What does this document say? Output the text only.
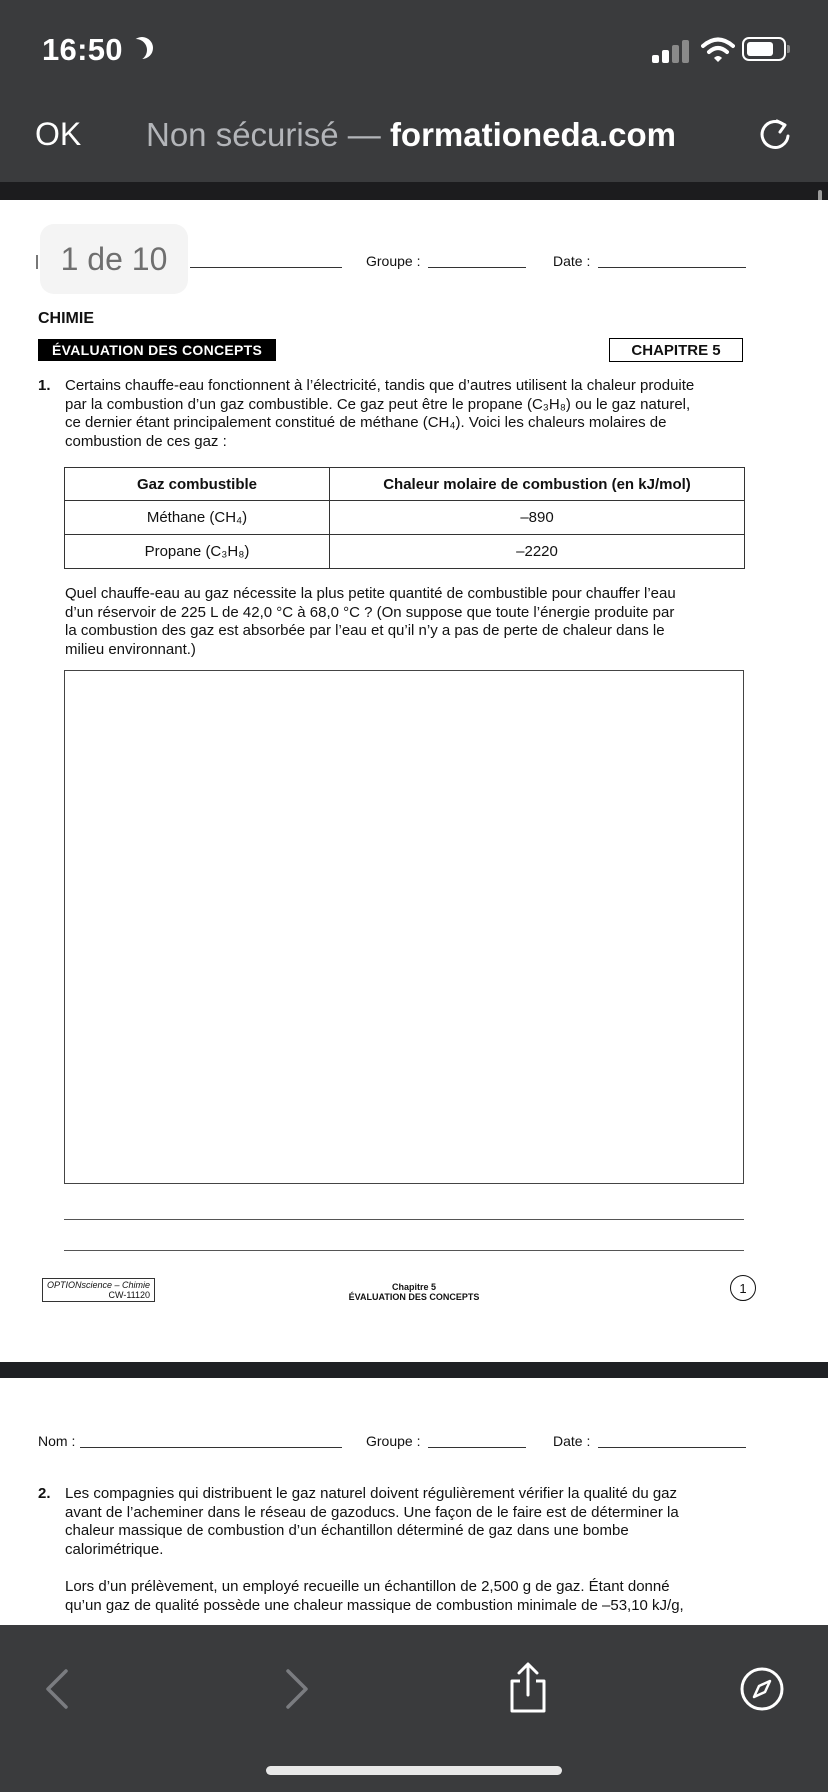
16:50
OK Non sécurisé — formationeda.com
1 de 10	Groupe :	Date :
CHIMIE
ÉVALUATION DES CONCEPTS	CHAPITRE 5
1. Certains chauffe-eau fonctionnent à l’électricité, tandis que d’autres utilisent la chaleur produite
par la combustion d’un gaz combustible. Ce gaz peut être le propane (C₃H₈) ou le gaz naturel,
ce dernier étant principalement constitué de méthane (CH₄). Voici les chaleurs molaires de
combustion de ces gaz :
Gaz combustible	Chaleur molaire de combustion (en kJ/mol)
Méthane (CH₄)	–890
Propane (C₃H₈)	–2220
Quel chauffe-eau au gaz nécessite la plus petite quantité de combustible pour chauffer l’eau
d’un réservoir de 225 L de 42,0 °C à 68,0 °C ? (On suppose que toute l’énergie produite par
la combustion des gaz est absorbée par l’eau et qu’il n’y a pas de perte de chaleur dans le
milieu environnant.)
OPTIONscience – Chimie
CW-11120
Chapitre 5
ÉVALUATION DES CONCEPTS
1
Nom :	Groupe :	Date :
2. Les compagnies qui distribuent le gaz naturel doivent régulièrement vérifier la qualité du gaz
avant de l’acheminer dans le réseau de gazoducs. Une façon de le faire est de déterminer la
chaleur massique de combustion d’un échantillon déterminé de gaz dans une bombe
calorimétrique.
Lors d’un prélèvement, un employé recueille un échantillon de 2,500 g de gaz. Étant donné
qu’un gaz de qualité possède une chaleur massique de combustion minimale de –53,10 kJ/g,
